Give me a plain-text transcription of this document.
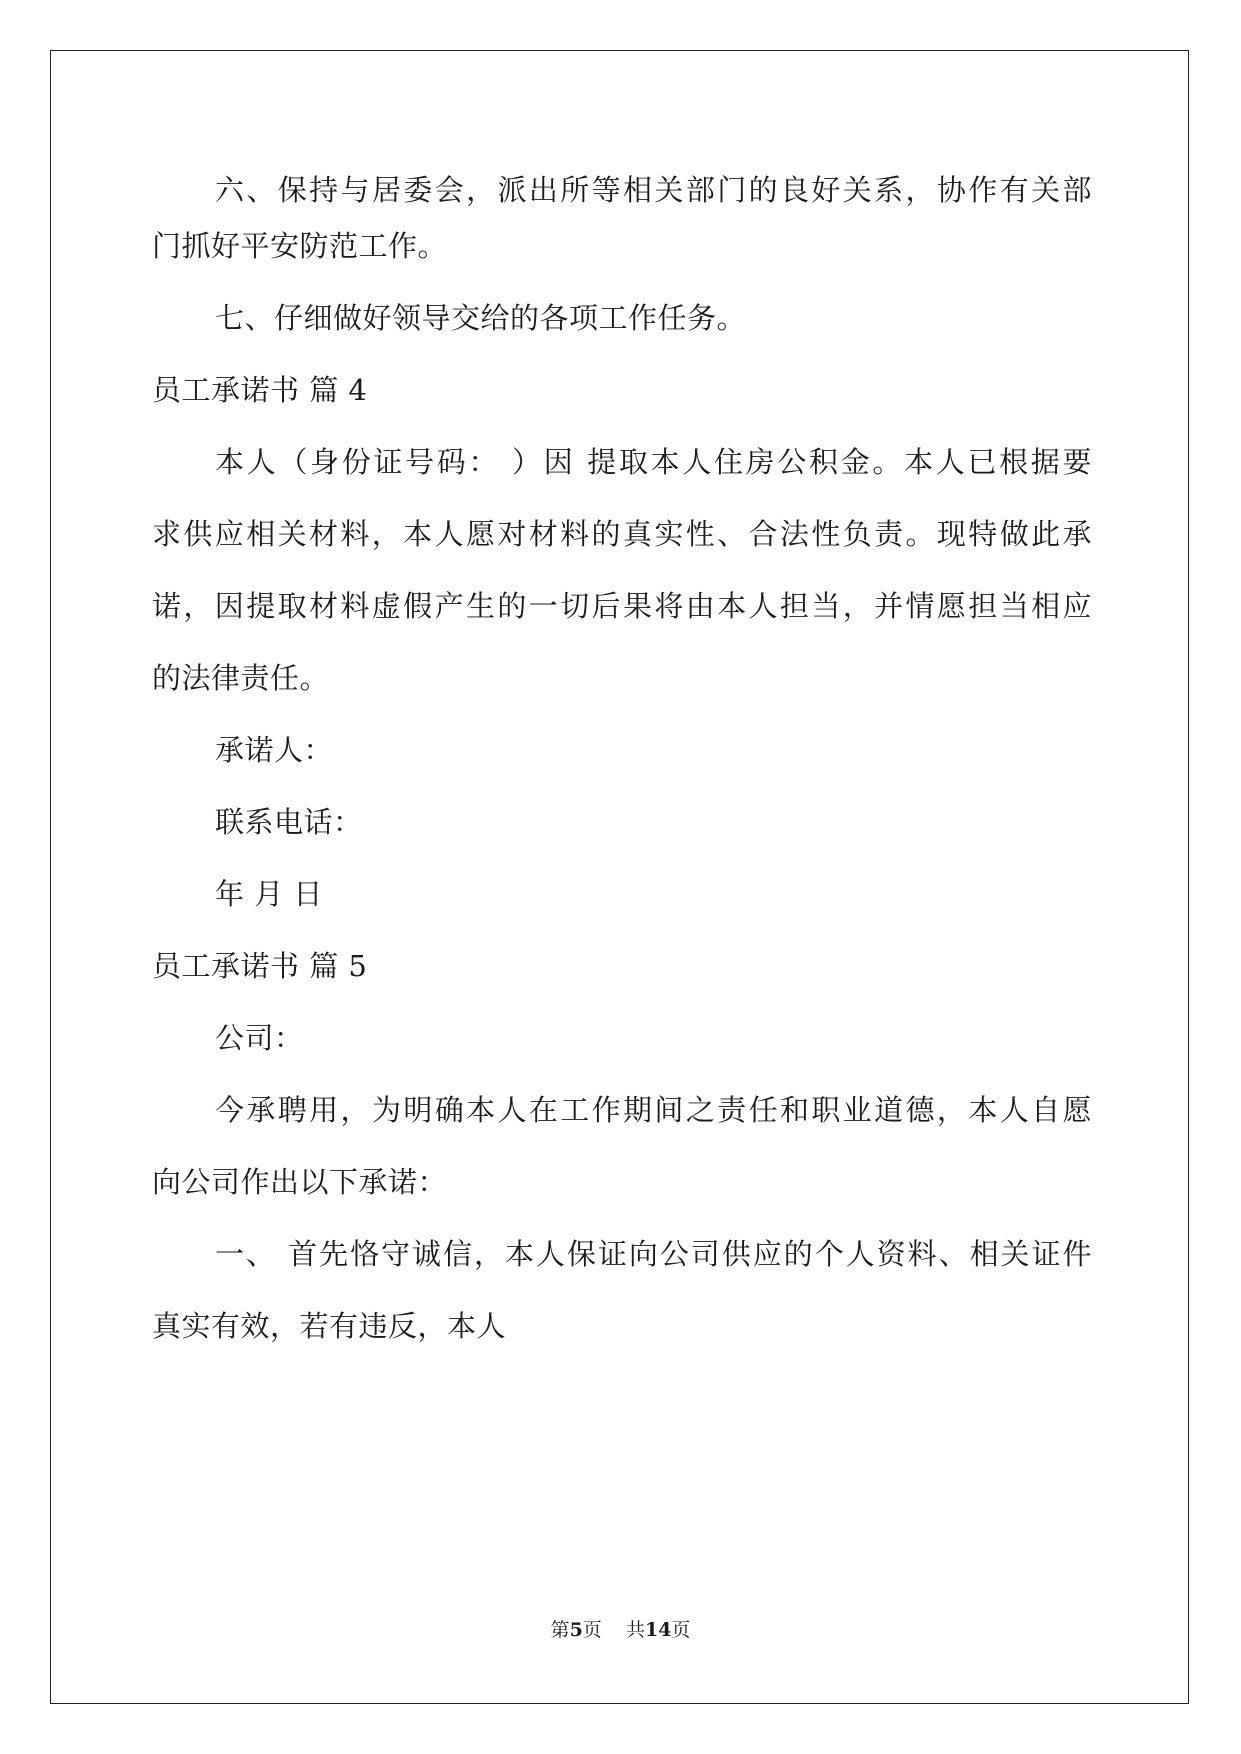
六、保持与居委会，派出所等相关部门的良好关系，协作有关部
门抓好平安防范工作。
七、仔细做好领导交给的各项工作任务。
员工承诺书 篇 4
本人（身份证号码： ）因 提取本人住房公积金。本人已根据要
求供应相关材料，本人愿对材料的真实性、合法性负责。现特做此承
诺，因提取材料虚假产生的一切后果将由本人担当，并情愿担当相应
的法律责任。
承诺人：
联系电话：
年 月 日
员工承诺书 篇 5
公司：
今承聘用，为明确本人在工作期间之责任和职业道德，本人自愿
向公司作出以下承诺：
一、 首先恪守诚信，本人保证向公司供应的个人资料、相关证件
真实有效，若有违反，本人
第5页    共14页
